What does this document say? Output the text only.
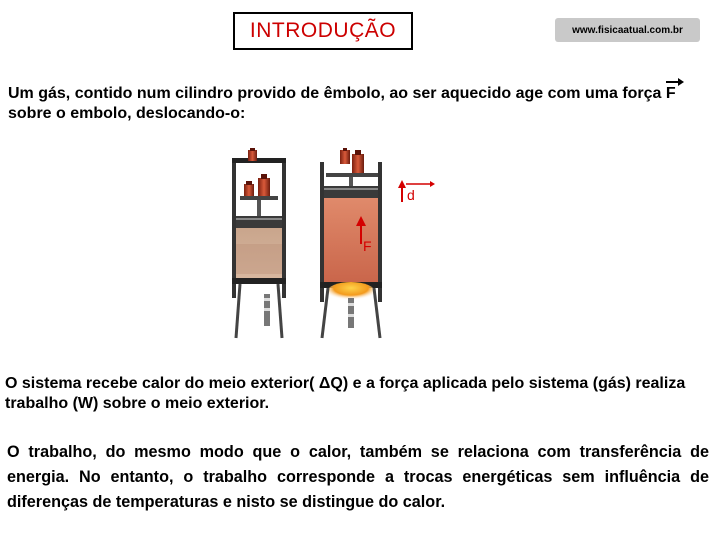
INTRODUÇÃO	www.fisicaatual.com.br

Um gás, contido num cilindro provido de êmbolo, ao ser aquecido age com uma força F sobre o embolo, deslocando-o:

F
d

O sistema recebe calor do meio exterior( ΔQ) e a força aplicada pelo sistema (gás) realiza trabalho (W) sobre o meio exterior.

O trabalho, do mesmo modo que o calor, também se relaciona com transferência de energia. No entanto, o trabalho corresponde a trocas energéticas sem influência de diferenças de temperaturas e nisto se distingue do calor.
